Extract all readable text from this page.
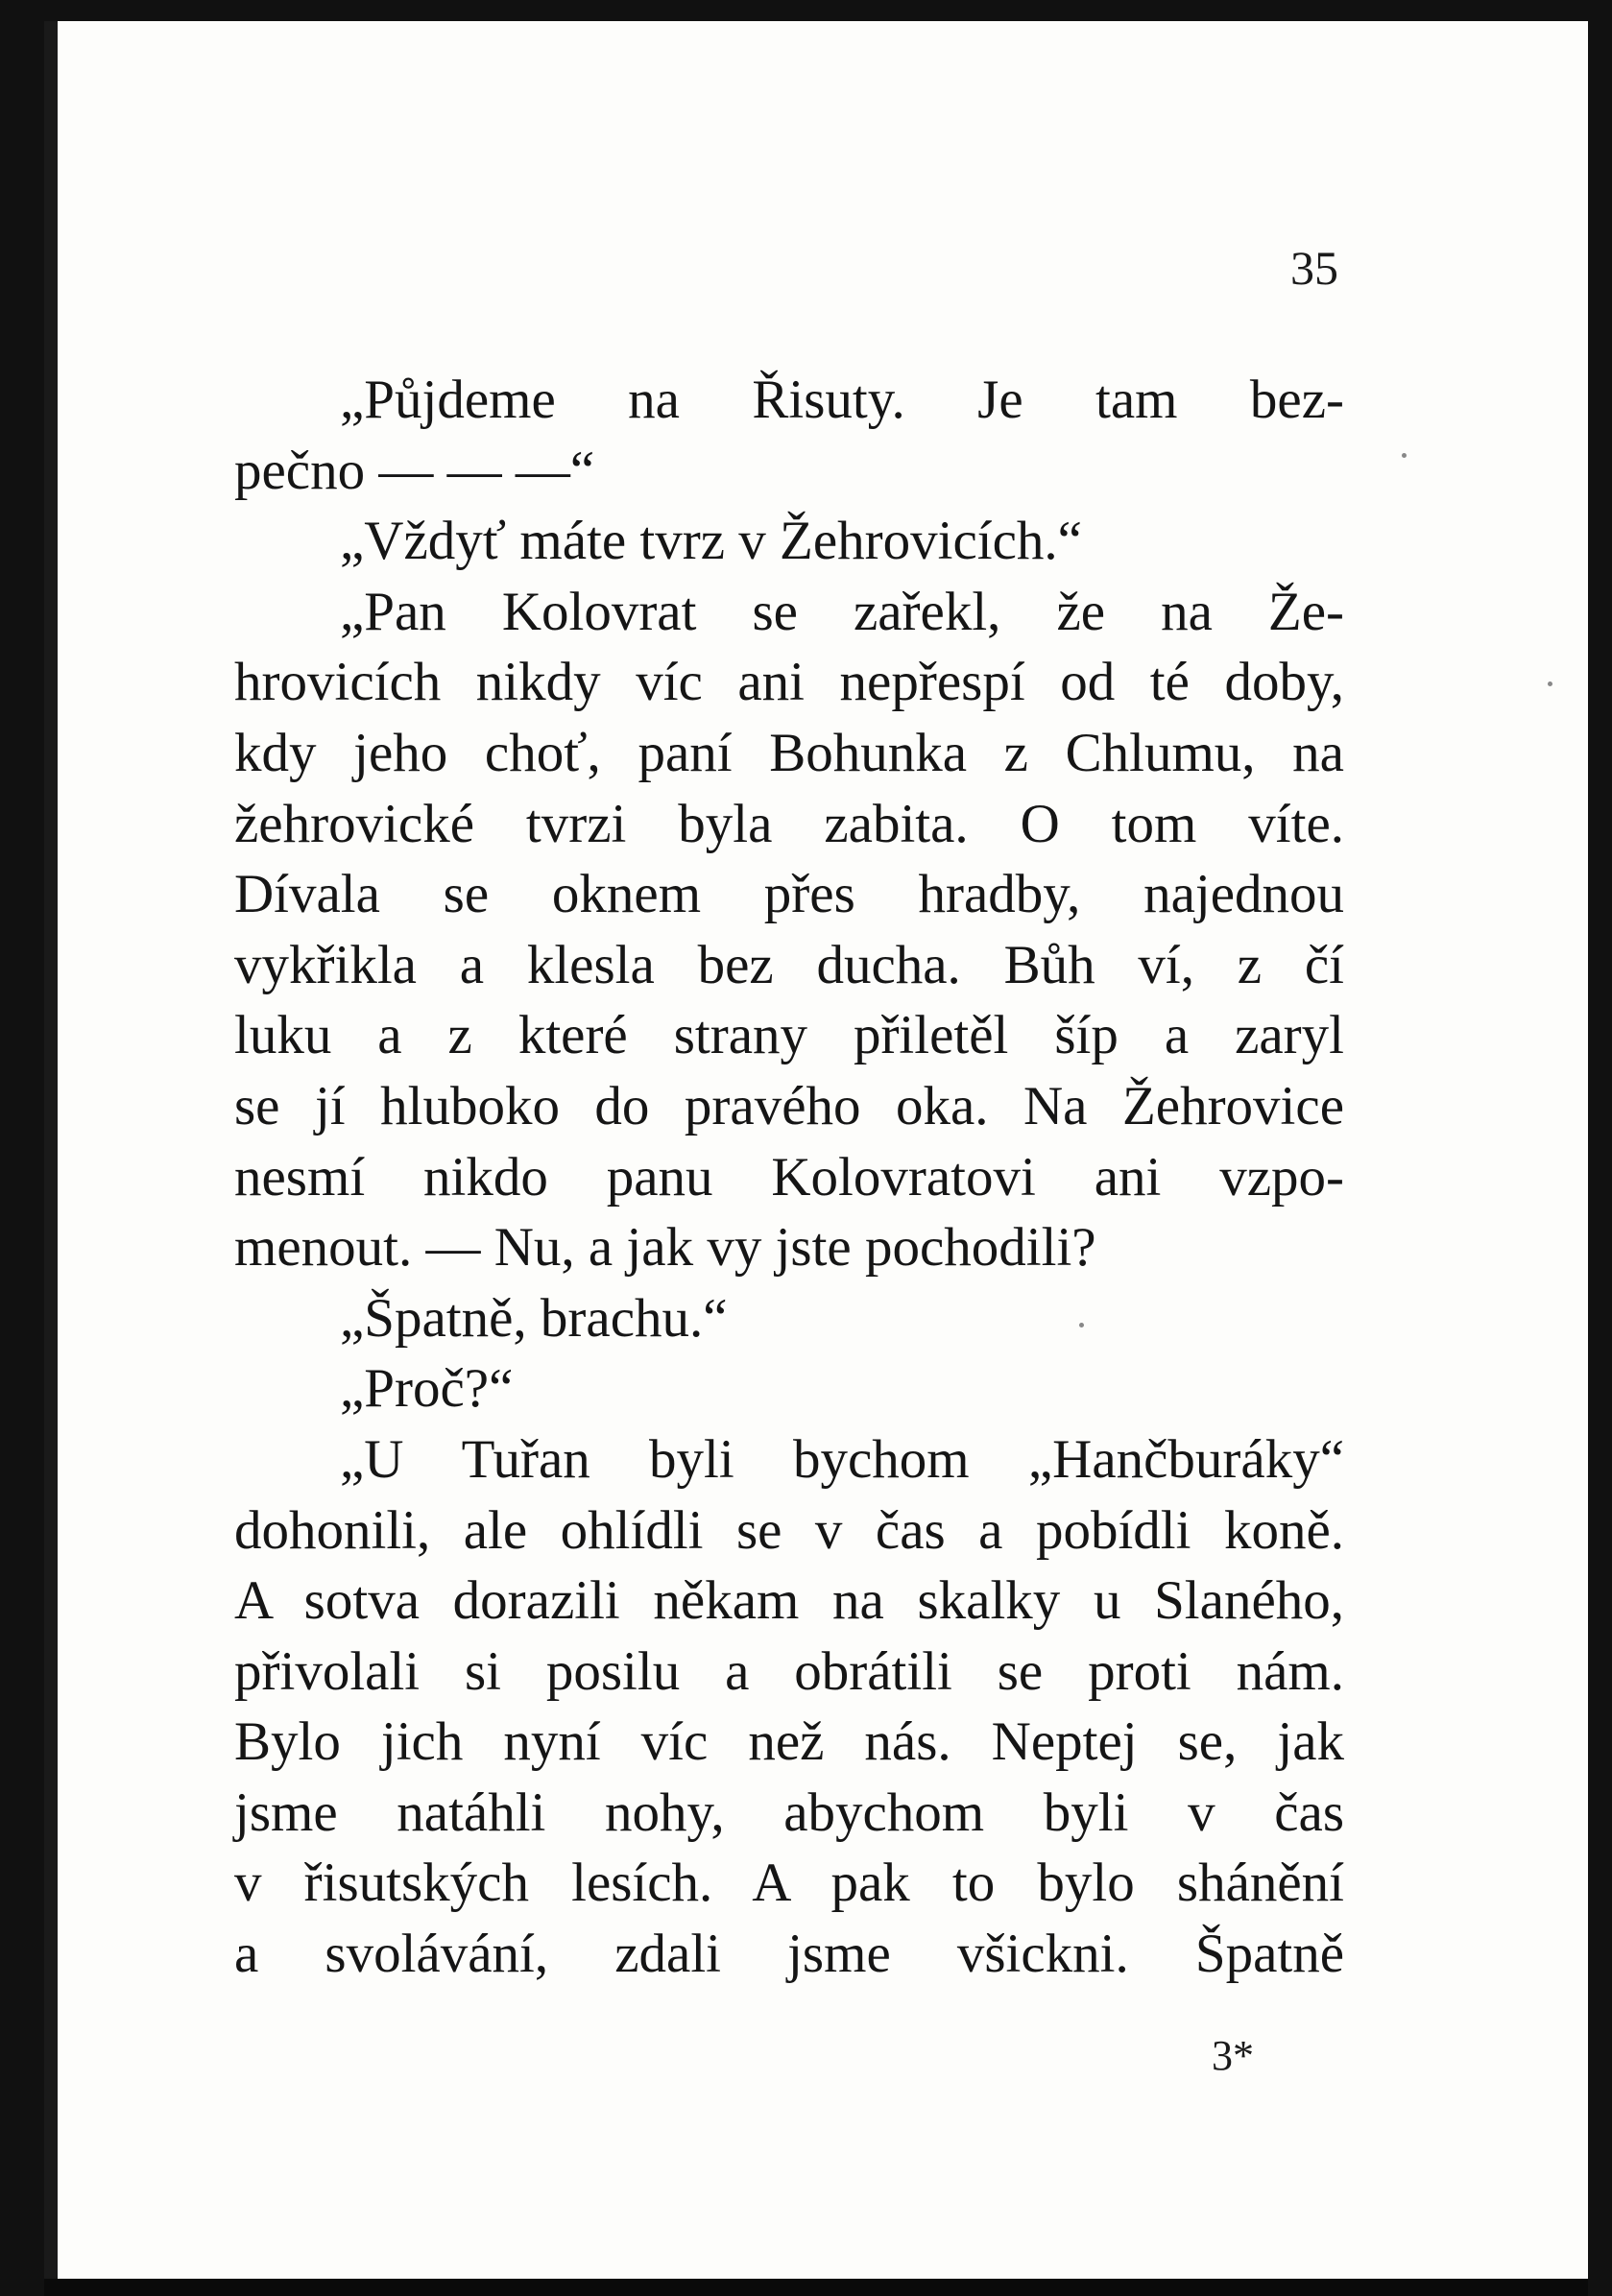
35
„Půjdeme na Řisuty. Je tam bez-
pečno — — —“
„Vždyť máte tvrz v Žehrovicích.“
„Pan Kolovrat se zařekl, že na Že-
hrovicích nikdy víc ani nepřespí od té doby,
kdy jeho choť, paní Bohunka z Chlumu, na
žehrovické tvrzi byla zabita. O tom víte.
Dívala se oknem přes hradby, najednou
vykřikla a klesla bez ducha. Bůh ví, z čí
luku a z které strany přiletěl šíp a zaryl
se jí hluboko do pravého oka. Na Žehrovice
nesmí nikdo panu Kolovratovi ani vzpo-
menout. — Nu, a jak vy jste pochodili?
„Špatně, brachu.“
„Proč?“
„U Tuřan byli bychom „Hančburáky“
dohonili, ale ohlídli se v čas a pobídli koně.
A sotva dorazili někam na skalky u Slaného,
přivolali si posilu a obrátili se proti nám.
Bylo jich nyní víc než nás. Neptej se, jak
jsme natáhli nohy, abychom byli v čas
v řisutských lesích. A pak to bylo shánění
a svolávání, zdali jsme všickni. Špatně
3*
